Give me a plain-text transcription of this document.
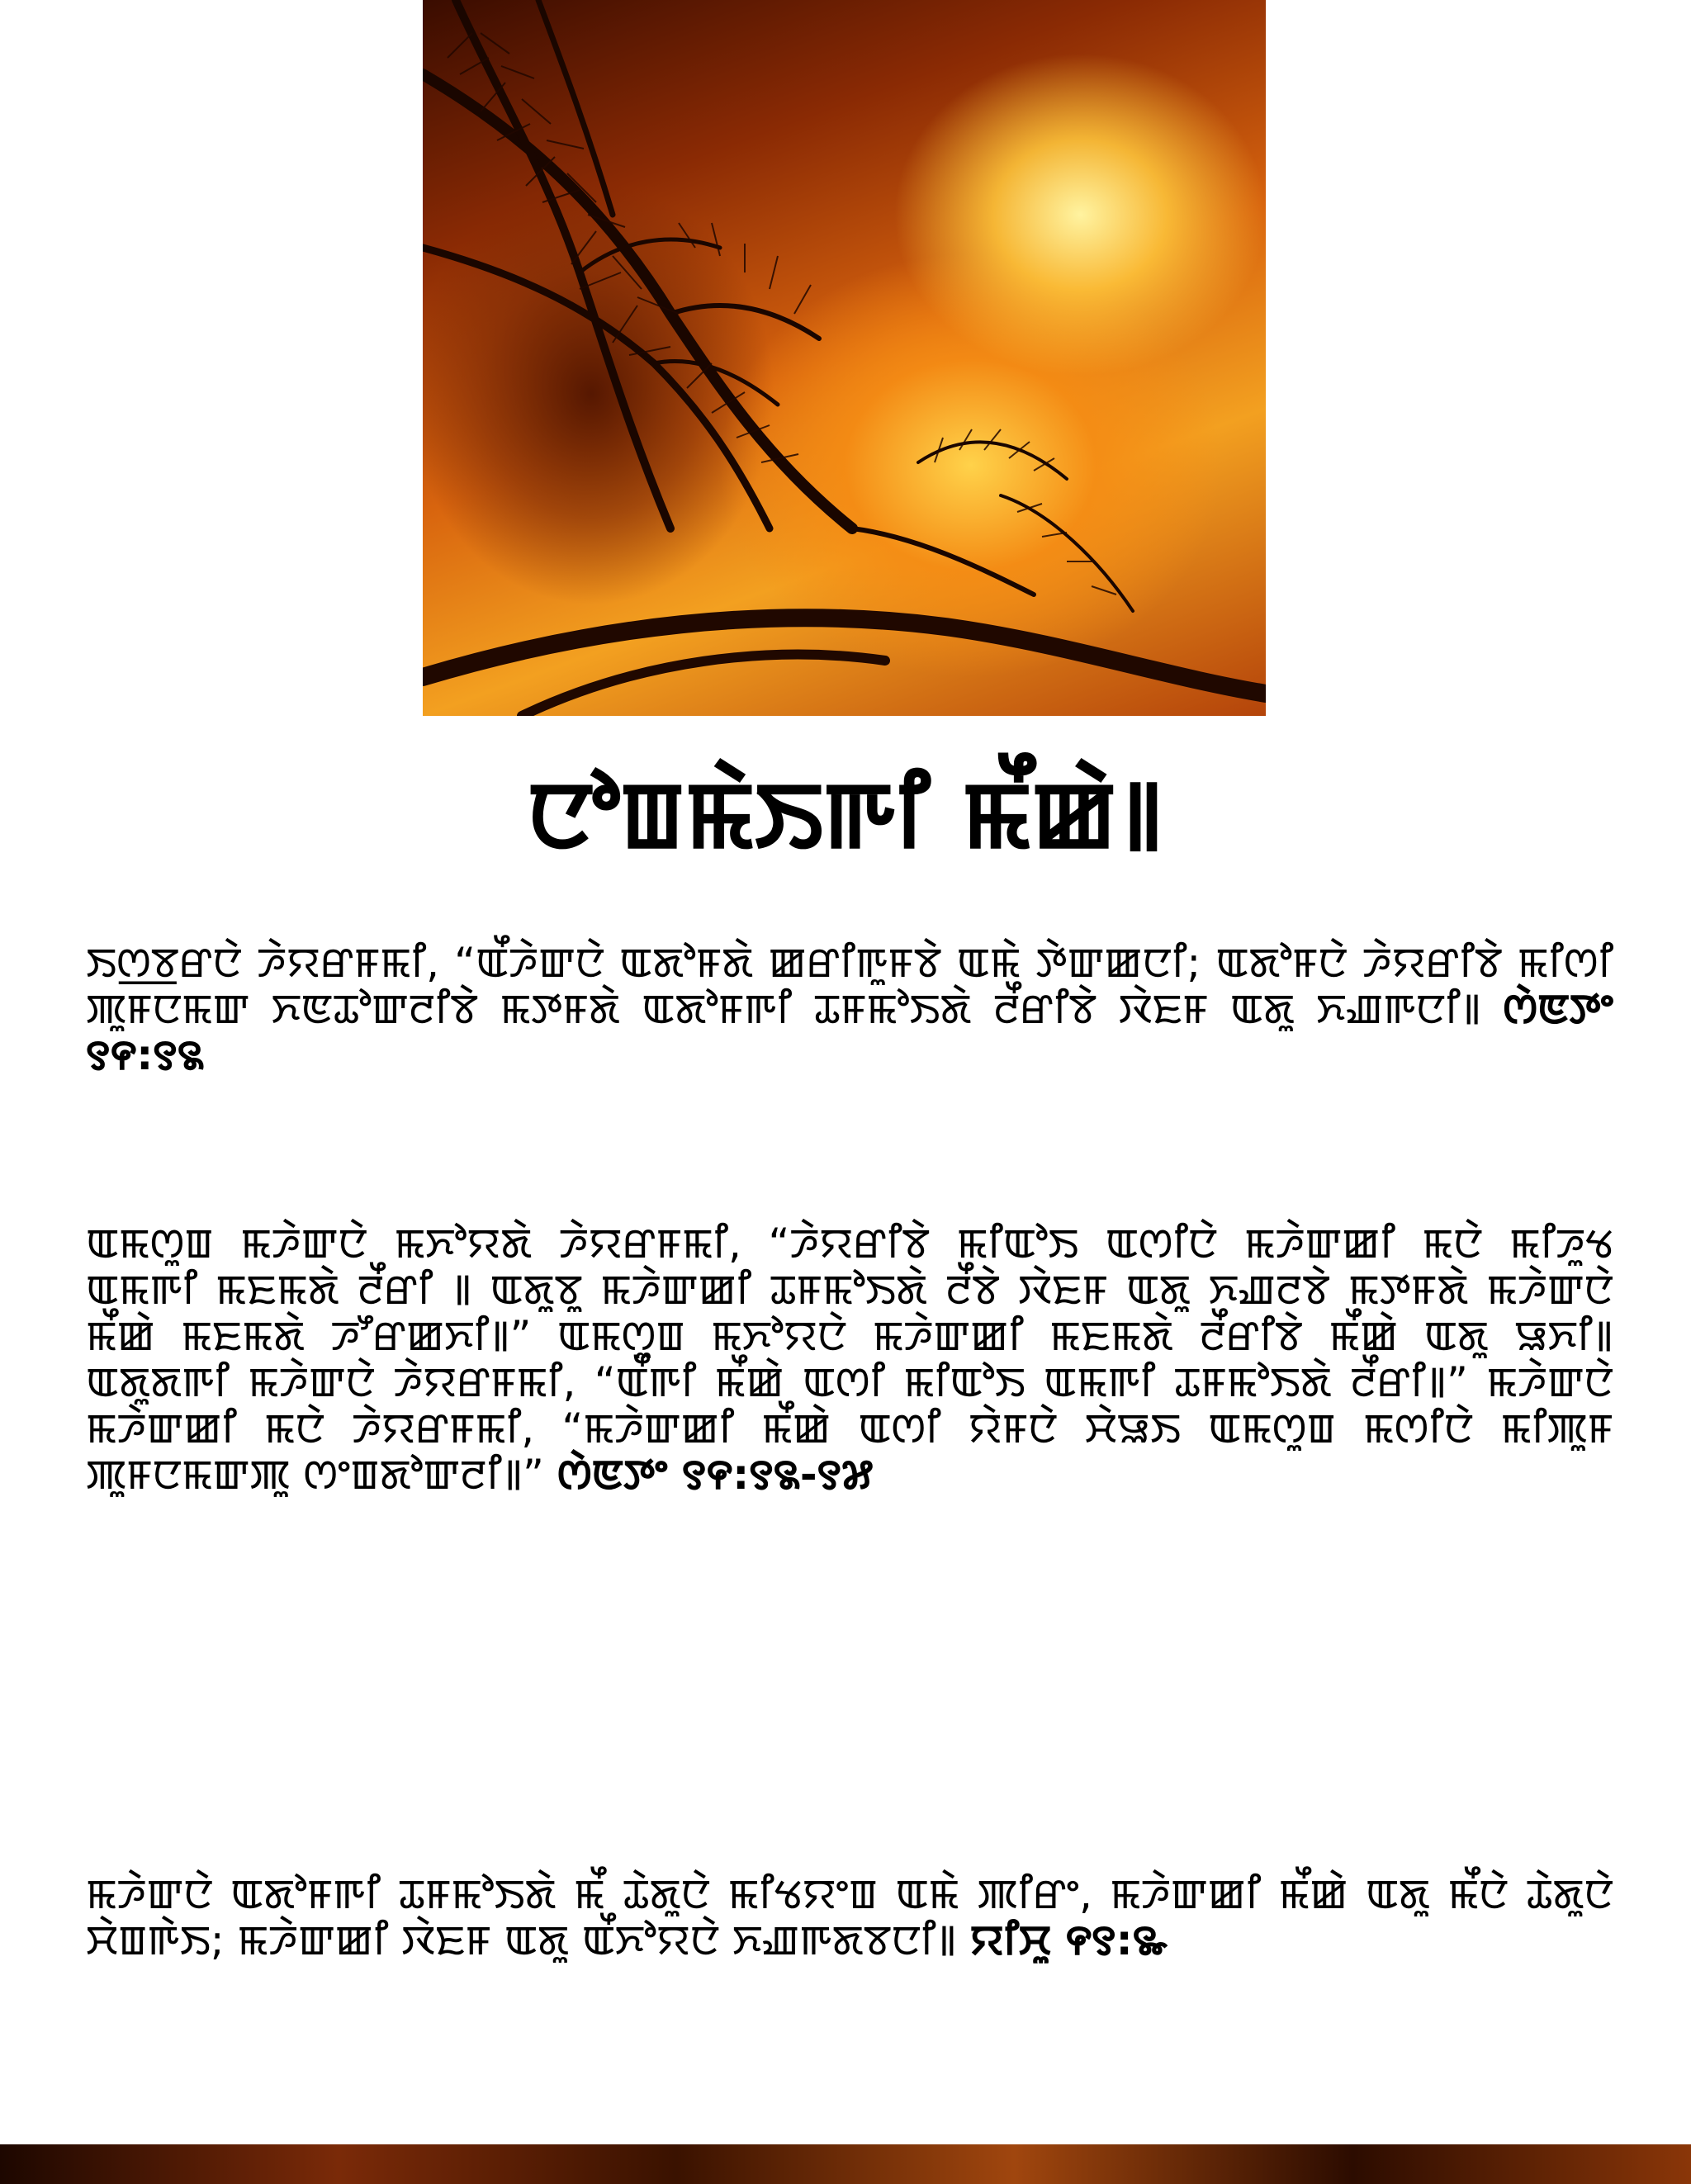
ꯅꯣꯡꯃꯥꯏꯒꯤ ꯃꯩꯀꯥ꯫

ꯏꯁ꯭ꯕꯔꯅꯥ ꯍꯥꯌꯔꯝꯃꯤ, “ꯑꯩꯍꯥꯛꯅꯥ ꯑꯗꯣꯝꯗꯥ ꯀꯔꯤꯒꯨꯝꯕꯥ ꯑꯃꯥ ꯇꯥꯛꯀꯅꯤ; ꯑꯗꯣꯝꯅꯥ ꯍꯥꯌꯔꯤꯕꯥ ꯃꯤꯁꯤ ꯄꯨꯝꯅꯃꯛ ꯈꯟꯊꯣꯛꯂꯤꯕꯥ ꯃꯇꯝꯗꯥ ꯑꯗꯣꯝꯒꯤ ꯊꯝꯃꯣꯏꯗꯥ ꯂꯩꯔꯤꯕꯥ ꯋꯥꯐꯝ ꯑꯗꯨ ꯈꯉꯒꯅꯤ꯫ ꯁꯥꯟꯇꯦ ꯱꯵:꯱꯲

ꯑꯃꯁꯨꯡ ꯃꯍꯥꯛꯅꯥ ꯃꯈꯣꯌꯗꯥ ꯍꯥꯌꯔꯝꯃꯤ, “ꯍꯥꯌꯔꯤꯕꯥ ꯃꯤꯑꯣꯏ ꯑꯁꯤꯅꯥ ꯃꯍꯥꯛꯀꯤ ꯃꯅꯥ ꯃꯤꯍꯨꯠ ꯑꯃꯒꯤ ꯃꯐꯃꯗꯥ ꯂꯩꯔꯤ ꯫ ꯑꯗꯨꯕꯨ ꯃꯍꯥꯛꯀꯤ ꯊꯝꯃꯣꯏꯗꯥ ꯂꯩꯕꯥ ꯋꯥꯐꯝ ꯑꯗꯨ ꯈꯉꯂꯕꯥ ꯃꯇꯝꯗꯥ ꯃꯍꯥꯛꯅꯥ ꯃꯩꯀꯥ ꯃꯐꯃꯗꯥ ꯍꯧꯔꯀꯈꯤ꯫” ꯑꯃꯁꯨꯡ ꯃꯈꯣꯌꯅꯥ ꯃꯍꯥꯛꯀꯤ ꯃꯐꯃꯗꯥ ꯂꯩꯔꯤꯕꯥ ꯃꯩꯀꯥ ꯑꯗꯨ ꯎꯈꯤ꯫ ꯑꯗꯨꯗꯒꯤ ꯃꯍꯥꯛꯅꯥ ꯍꯥꯌꯔꯝꯃꯤ, “ꯑꯩꯒꯤ ꯃꯩꯀꯥ ꯑꯁꯤ ꯃꯤꯑꯣꯏ ꯑꯃꯒꯤ ꯊꯝꯃꯣꯏꯗꯥ ꯂꯩꯔꯤ꯫” ꯃꯍꯥꯛꯅꯥ ꯃꯍꯥꯛꯀꯤ ꯃꯅꯥ ꯍꯥꯌꯔꯝꯃꯤ, “ꯃꯍꯥꯛꯀꯤ ꯃꯩꯀꯥ ꯑꯁꯤ ꯌꯥꯝꯅꯥ ꯆꯥꯎꯏ ꯑꯃꯁꯨꯡ ꯃꯁꯤꯅꯥ ꯃꯤꯄꯨꯝ ꯄꯨꯝꯅꯃꯛꯄꯨ ꯁꯦꯡꯗꯣꯛꯂꯤ꯫” ꯁꯥꯟꯇꯦ ꯱꯵:꯱꯲-꯱꯷

ꯃꯍꯥꯛꯅꯥ ꯑꯗꯣꯝꯒꯤ ꯊꯝꯃꯣꯏꯗꯥ ꯃꯩ ꯊꯥꯗꯨꯅꯥ ꯃꯤꯠꯌꯦꯡ ꯑꯃꯥ ꯄꯤꯔꯦ, ꯃꯍꯥꯛꯀꯤ ꯃꯩꯀꯥ ꯑꯗꯨ ꯃꯩꯅꯥ ꯊꯥꯗꯨꯅꯥ ꯆꯥꯡꯒꯥꯏ; ꯃꯍꯥꯛꯀꯤ ꯋꯥꯐꯝ ꯑꯗꯨ ꯑꯩꯈꯣꯌꯅꯥ ꯈꯉꯒꯗꯕꯅꯤ꯫ ꯌꯤꯆꯨ ꯵꯱:꯳
